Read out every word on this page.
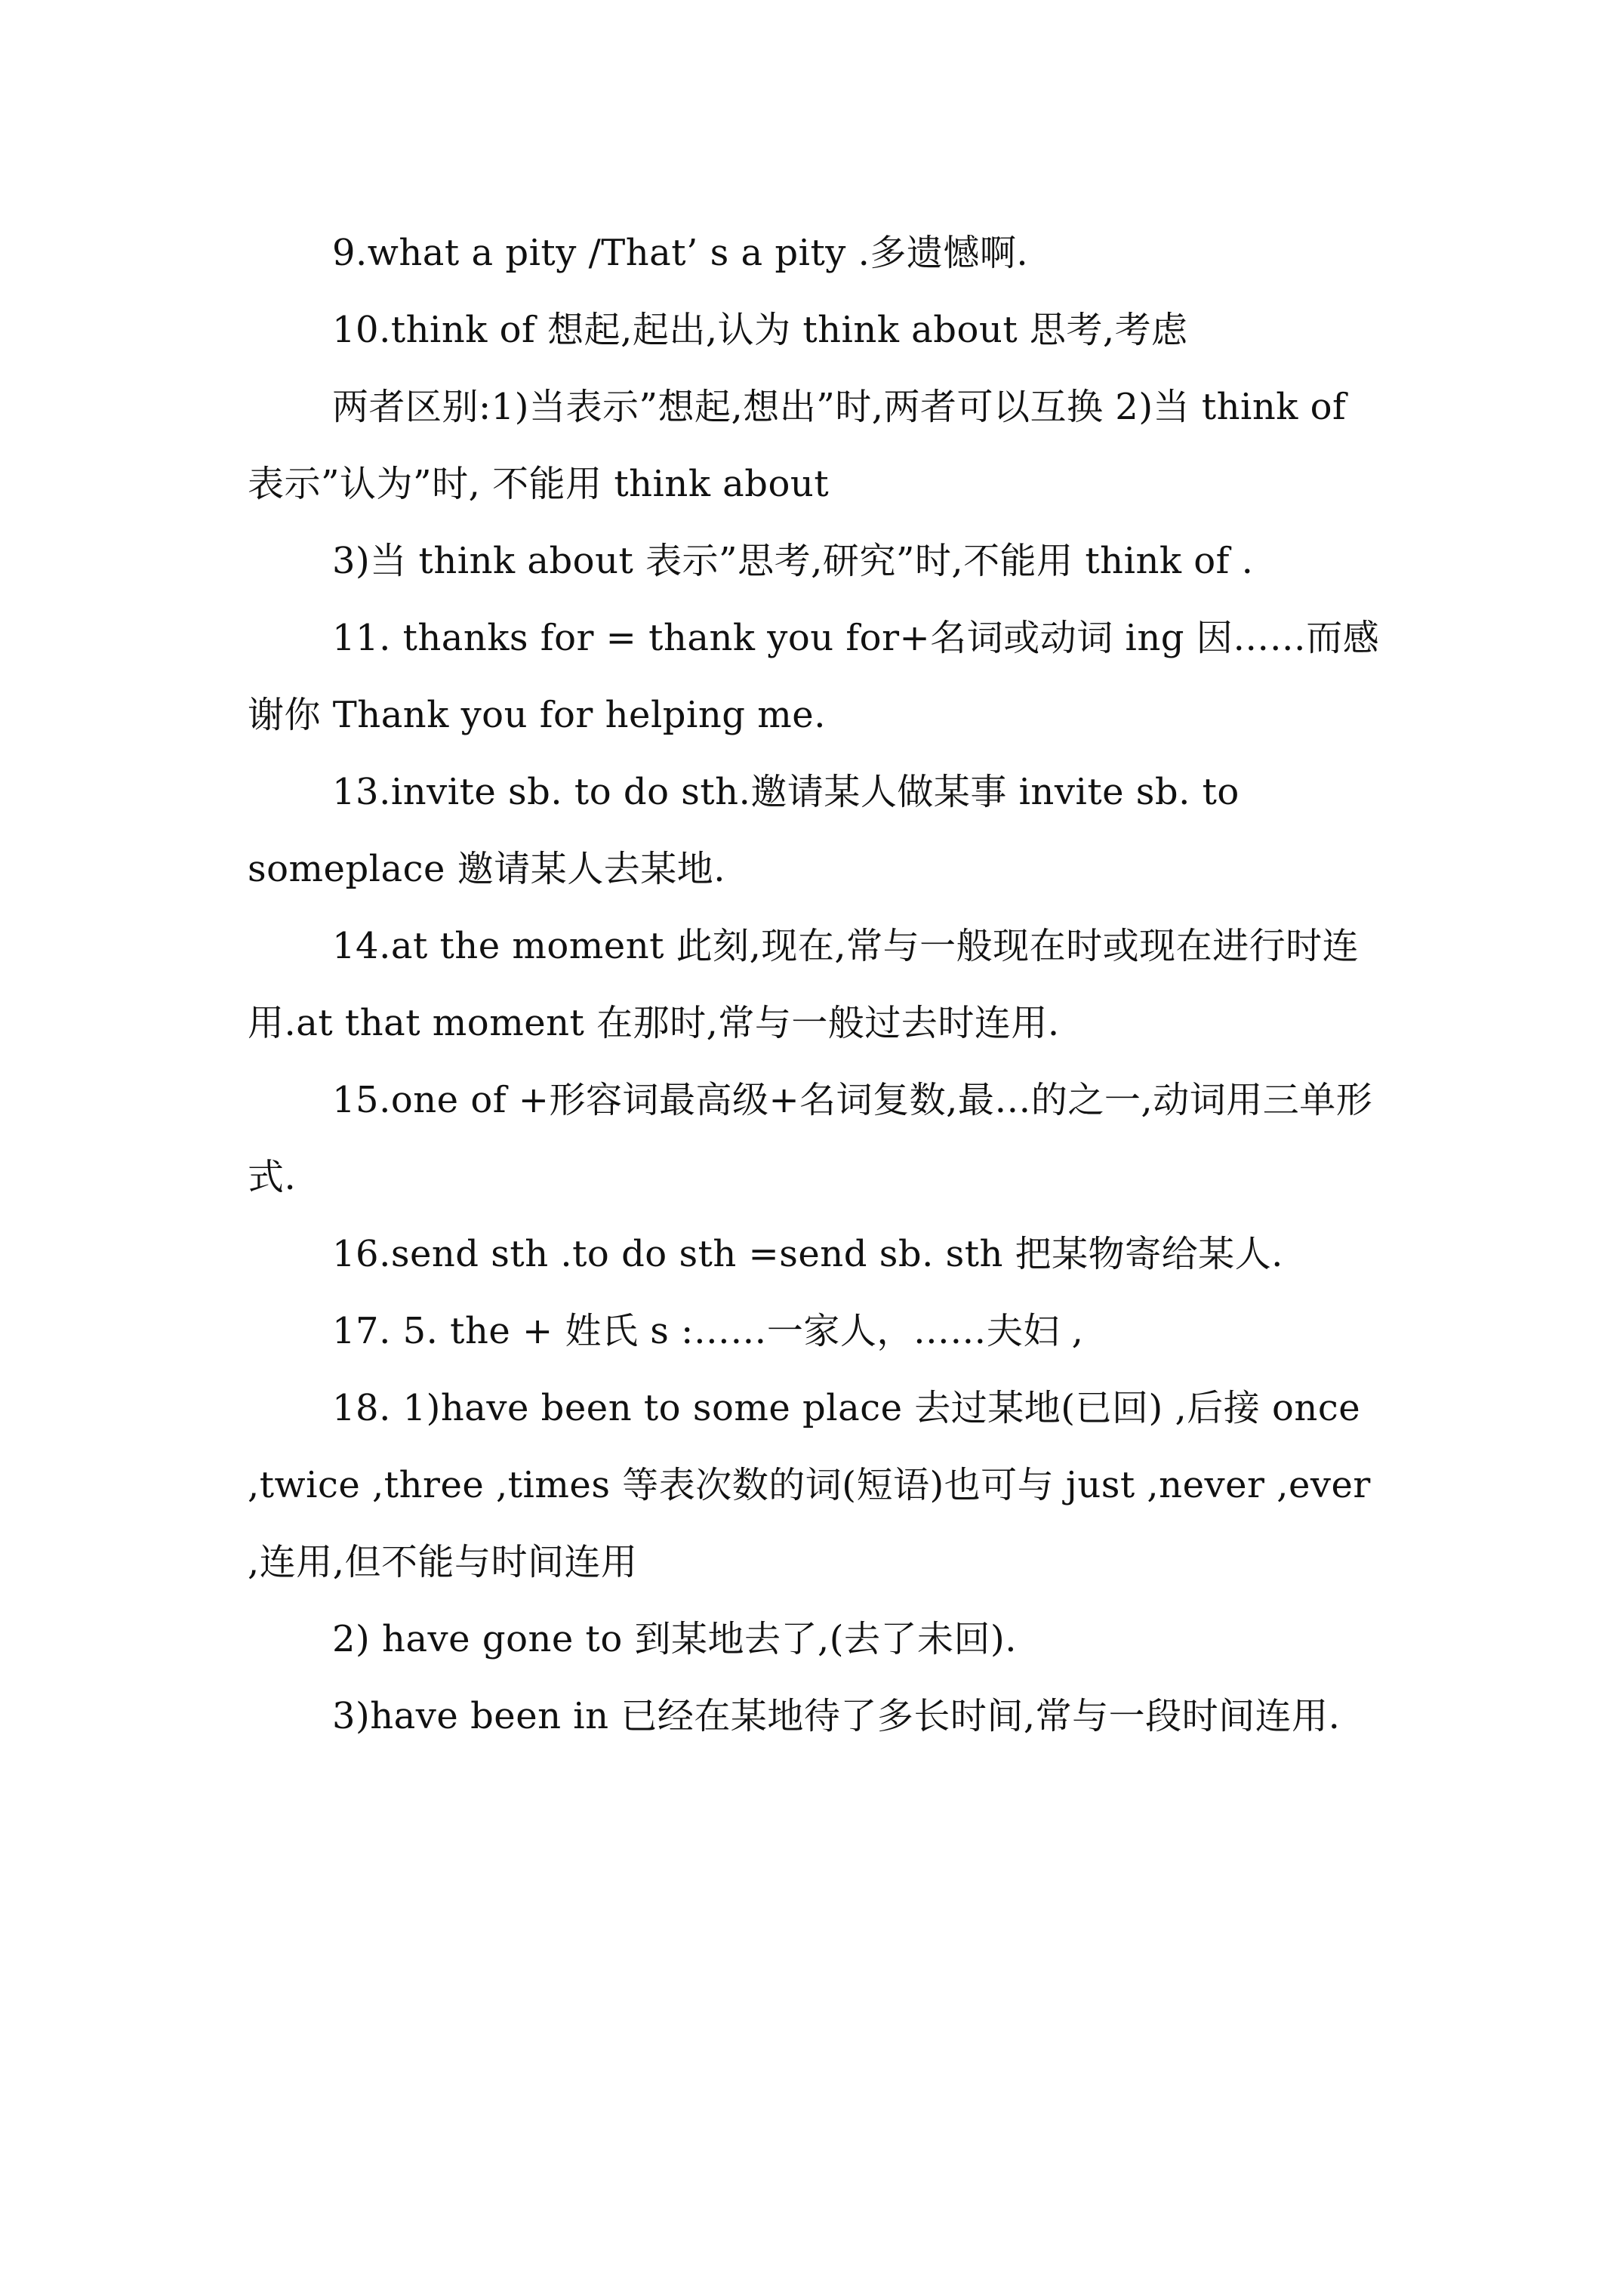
9.what a pity /That’ s a pity .多遗憾啊.

10.think of 想起,起出,认为 think about 思考,考虑

两者区别:1)当表示”想起,想出”时,两者可以互换 2)当 think of 表示”认为”时, 不能用 think about

3)当 think about 表示”思考,研究”时,不能用 think of .

11. thanks for = thank you for+名词或动词 ing 因……而感谢你 Thank you for helping me.

13.invite sb. to do sth.邀请某人做某事 invite sb. to someplace 邀请某人去某地.

14.at the moment 此刻,现在,常与一般现在时或现在进行时连用.at that moment 在那时,常与一般过去时连用.

15.one of +形容词最高级+名词复数,最…的之一,动词用三单形式.

16.send sth .to do sth =send sb. sth 把某物寄给某人.

17. 5. the + 姓氏 s :……一家人，……夫妇 ,

18. 1)have been to some place 去过某地(已回) ,后接 once ,twice ,three ,times 等表次数的词(短语)也可与 just ,never ,ever ,连用,但不能与时间连用

2) have gone to 到某地去了,(去了未回).

3)have been in 已经在某地待了多长时间,常与一段时间连用.
